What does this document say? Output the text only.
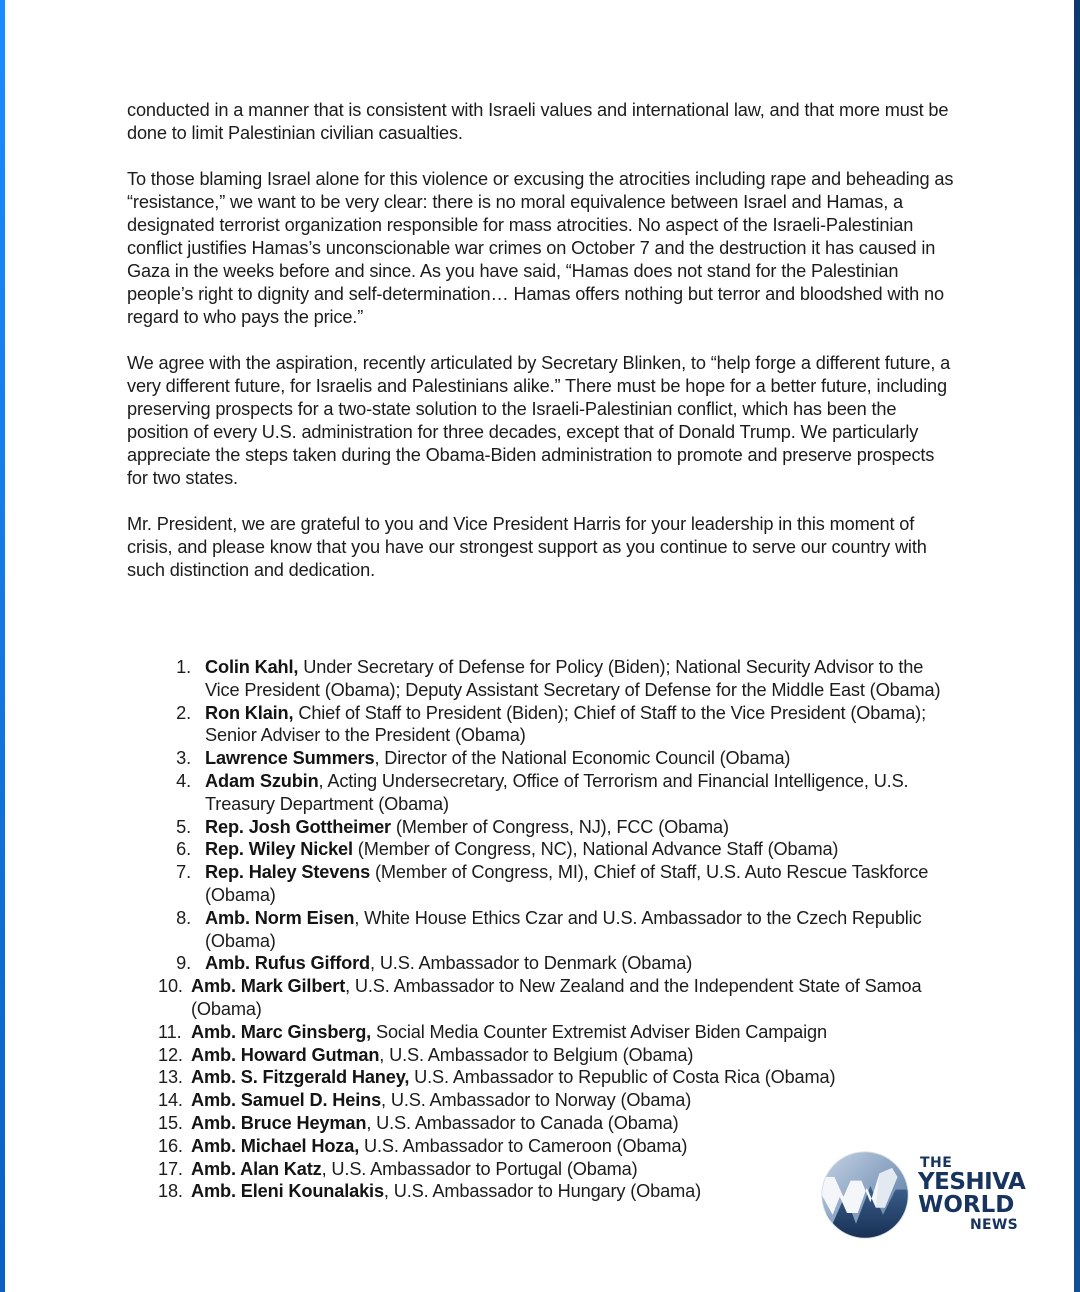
conducted in a manner that is consistent with Israeli values and international law, and that more must be done to limit Palestinian civilian casualties.

To those blaming Israel alone for this violence or excusing the atrocities including rape and beheading as “resistance,” we want to be very clear: there is no moral equivalence between Israel and Hamas, a designated terrorist organization responsible for mass atrocities. No aspect of the Israeli-Palestinian conflict justifies Hamas’s unconscionable war crimes on October 7 and the destruction it has caused in Gaza in the weeks before and since. As you have said, “Hamas does not stand for the Palestinian people’s right to dignity and self-determination… Hamas offers nothing but terror and bloodshed with no regard to who pays the price.”

We agree with the aspiration, recently articulated by Secretary Blinken, to “help forge a different future, a very different future, for Israelis and Palestinians alike.” There must be hope for a better future, including preserving prospects for a two-state solution to the Israeli-Palestinian conflict, which has been the position of every U.S. administration for three decades, except that of Donald Trump. We particularly appreciate the steps taken during the Obama-Biden administration to promote and preserve prospects for two states.

Mr. President, we are grateful to you and Vice President Harris for your leadership in this moment of crisis, and please know that you have our strongest support as you continue to serve our country with such distinction and dedication.

1. Colin Kahl, Under Secretary of Defense for Policy (Biden); National Security Advisor to the Vice President (Obama); Deputy Assistant Secretary of Defense for the Middle East (Obama)
2. Ron Klain, Chief of Staff to President (Biden); Chief of Staff to the Vice President (Obama); Senior Adviser to the President (Obama)
3. Lawrence Summers, Director of the National Economic Council (Obama)
4. Adam Szubin, Acting Undersecretary, Office of Terrorism and Financial Intelligence, U.S. Treasury Department (Obama)
5. Rep. Josh Gottheimer (Member of Congress, NJ), FCC (Obama)
6. Rep. Wiley Nickel (Member of Congress, NC), National Advance Staff (Obama)
7. Rep. Haley Stevens (Member of Congress, MI), Chief of Staff, U.S. Auto Rescue Taskforce (Obama)
8. Amb. Norm Eisen, White House Ethics Czar and U.S. Ambassador to the Czech Republic (Obama)
9. Amb. Rufus Gifford, U.S. Ambassador to Denmark (Obama)
10. Amb. Mark Gilbert, U.S. Ambassador to New Zealand and the Independent State of Samoa (Obama)
11. Amb. Marc Ginsberg, Social Media Counter Extremist Adviser Biden Campaign
12. Amb. Howard Gutman, U.S. Ambassador to Belgium (Obama)
13. Amb. S. Fitzgerald Haney, U.S. Ambassador to Republic of Costa Rica (Obama)
14. Amb. Samuel D. Heins, U.S. Ambassador to Norway (Obama)
15. Amb. Bruce Heyman, U.S. Ambassador to Canada (Obama)
16. Amb. Michael Hoza, U.S. Ambassador to Cameroon (Obama)
17. Amb. Alan Katz, U.S. Ambassador to Portugal (Obama)
18. Amb. Eleni Kounalakis, U.S. Ambassador to Hungary (Obama)
THE
YESHIVA
WORLD
NEWS
